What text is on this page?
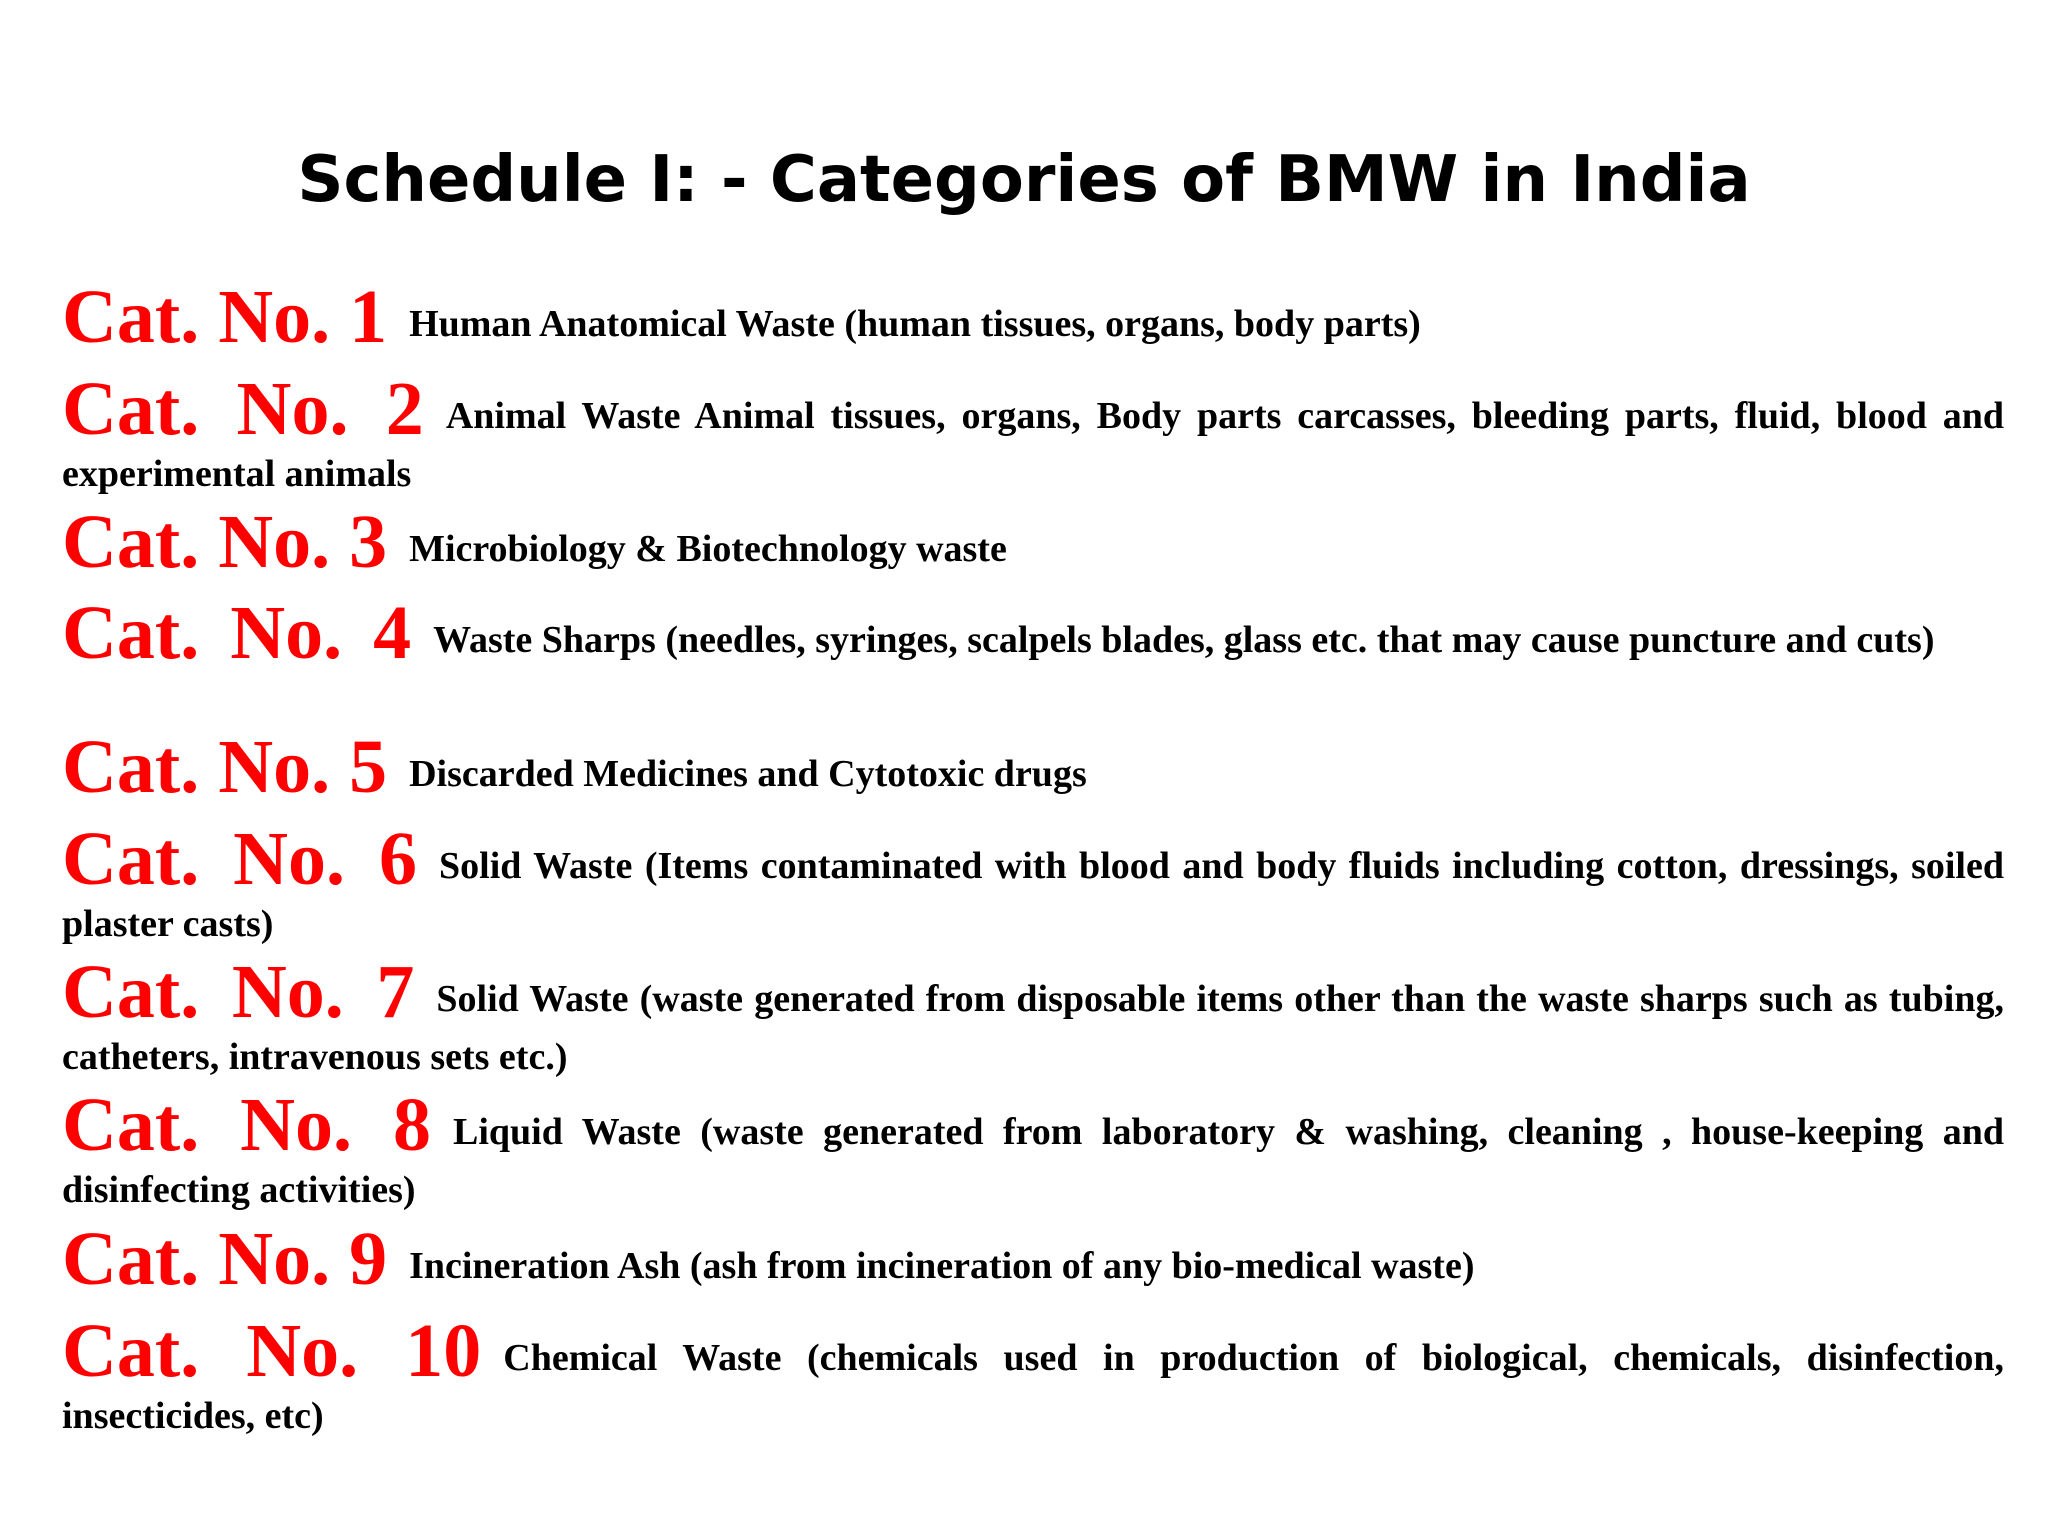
Schedule I: - Categories of BMW in India

Cat. No. 1 Human Anatomical Waste (human tissues, organs, body parts)

Cat. No. 2 Animal Waste Animal tissues, organs, Body parts carcasses, bleeding parts, fluid, blood and experimental animals

Cat. No. 3 Microbiology & Biotechnology waste

Cat. No. 4 Waste Sharps (needles, syringes, scalpels blades, glass etc. that may cause puncture and cuts)

Cat. No. 5 Discarded Medicines and Cytotoxic drugs

Cat. No. 6 Solid Waste (Items contaminated with blood and body fluids including cotton, dressings, soiled plaster casts)

Cat. No. 7 Solid Waste (waste generated from disposable items other than the waste sharps such as tubing, catheters, intravenous sets etc.)

Cat. No. 8 Liquid Waste (waste generated from laboratory & washing, cleaning , house-keeping and disinfecting activities)

Cat. No. 9 Incineration Ash (ash from incineration of any bio-medical waste)

Cat. No. 10 Chemical Waste (chemicals used in production of biological, chemicals, disinfection, insecticides, etc)
